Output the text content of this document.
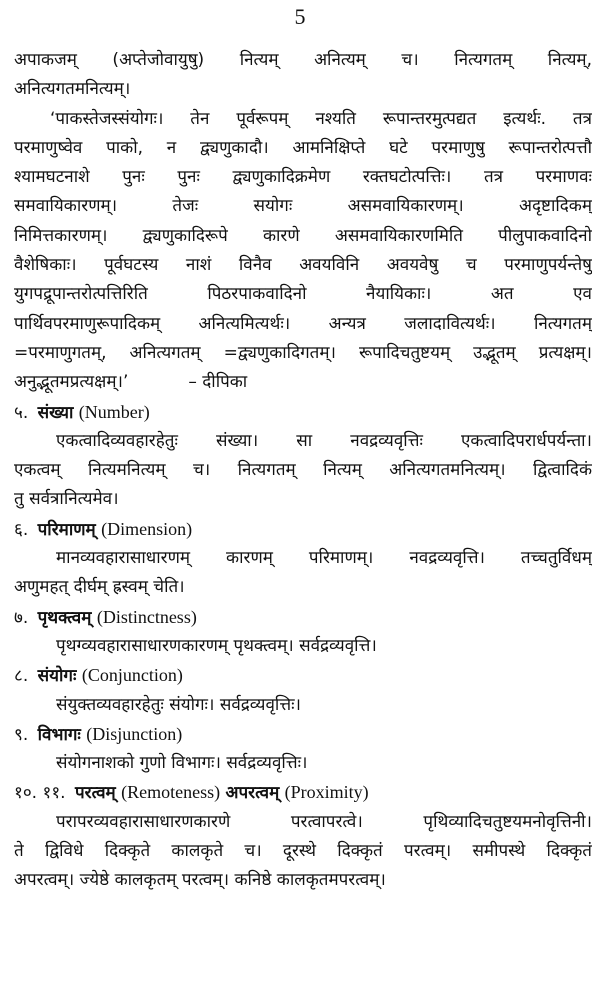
5
अपाकजम् (अप्तेजोवायुषु) नित्यम् अनित्यम् च। नित्यगतम् नित्यम्,
अनित्यगतमनित्यम्।
‘पाकस्तेजस्संयोगः। तेन पूर्वरूपम् नश्यति रूपान्तरमुत्पद्यत इत्यर्थः. तत्र
परमाणुष्वेव पाको, न द्व्यणुकादौ। आमनिक्षिप्ते घटे परमाणुषु रूपान्तरोत्पत्तौ
श्यामघटनाशे पुनः पुनः द्व्यणुकादिक्रमेण रक्तघटोत्पत्तिः। तत्र परमाणवः
समवायिकारणम्। तेजः सयोगः असमवायिकारणम्। अदृष्टादिकम्
निमित्तकारणम्। द्व्यणुकादिरूपे कारणे असमवायिकारणमिति पीलुपाकवादिनो
वैशेषिकाः। पूर्वघटस्य नाशं विनैव अवयविनि अवयवेषु च परमाणुपर्यन्तेषु
युगपद्रूपान्तरोत्पत्तिरिति पिठरपाकवादिनो नैयायिकाः। अत एव
पार्थिवपरमाणुरूपादिकम् अनित्यमित्यर्थः। अन्यत्र जलादावित्यर्थः। नित्यगतम्
=परमाणुगतम्, अनित्यगतम् =द्व्यणुकादिगतम्। रूपादिचतुष्टयम् उद्भूतम् प्रत्यक्षम्।
अनुद्भूतमप्रत्यक्षम्।’	– दीपिका
५. संख्या (Number)
एकत्वादिव्यवहारहेतुः संख्या। सा नवद्रव्यवृत्तिः एकत्वादिपरार्धपर्यन्ता।
एकत्वम् नित्यमनित्यम् च। नित्यगतम् नित्यम् अनित्यगतमनित्यम्। द्वित्वादिकं
तु सर्वत्रानित्यमेव।
६. परिमाणम् (Dimension)
मानव्यवहारासाधारणम् कारणम् परिमाणम्। नवद्रव्यवृत्ति। तच्चतुर्विधम्
अणुमहत् दीर्घम् ह्रस्वम् चेति।
७. पृथक्त्वम् (Distinctness)
पृथग्व्यवहारासाधारणकारणम् पृथक्त्वम्। सर्वद्रव्यवृत्ति।
८. संयोगः (Conjunction)
संयुक्तव्यवहारहेतुः संयोगः। सर्वद्रव्यवृत्तिः।
९. विभागः (Disjunction)
संयोगनाशको गुणो विभागः। सर्वद्रव्यवृत्तिः।
१०. ११. परत्वम् (Remoteness) अपरत्वम् (Proximity)
परापरव्यवहारासाधारणकारणे परत्वापरत्वे। पृथिव्यादिचतुष्टयमनोवृत्तिनी।
ते द्विविधे दिक्कृते कालकृते च। दूरस्थे दिक्कृतं परत्वम्। समीपस्थे दिक्कृतं
अपरत्वम्। ज्येष्ठे कालकृतम् परत्वम्। कनिष्ठे कालकृतमपरत्वम्।
